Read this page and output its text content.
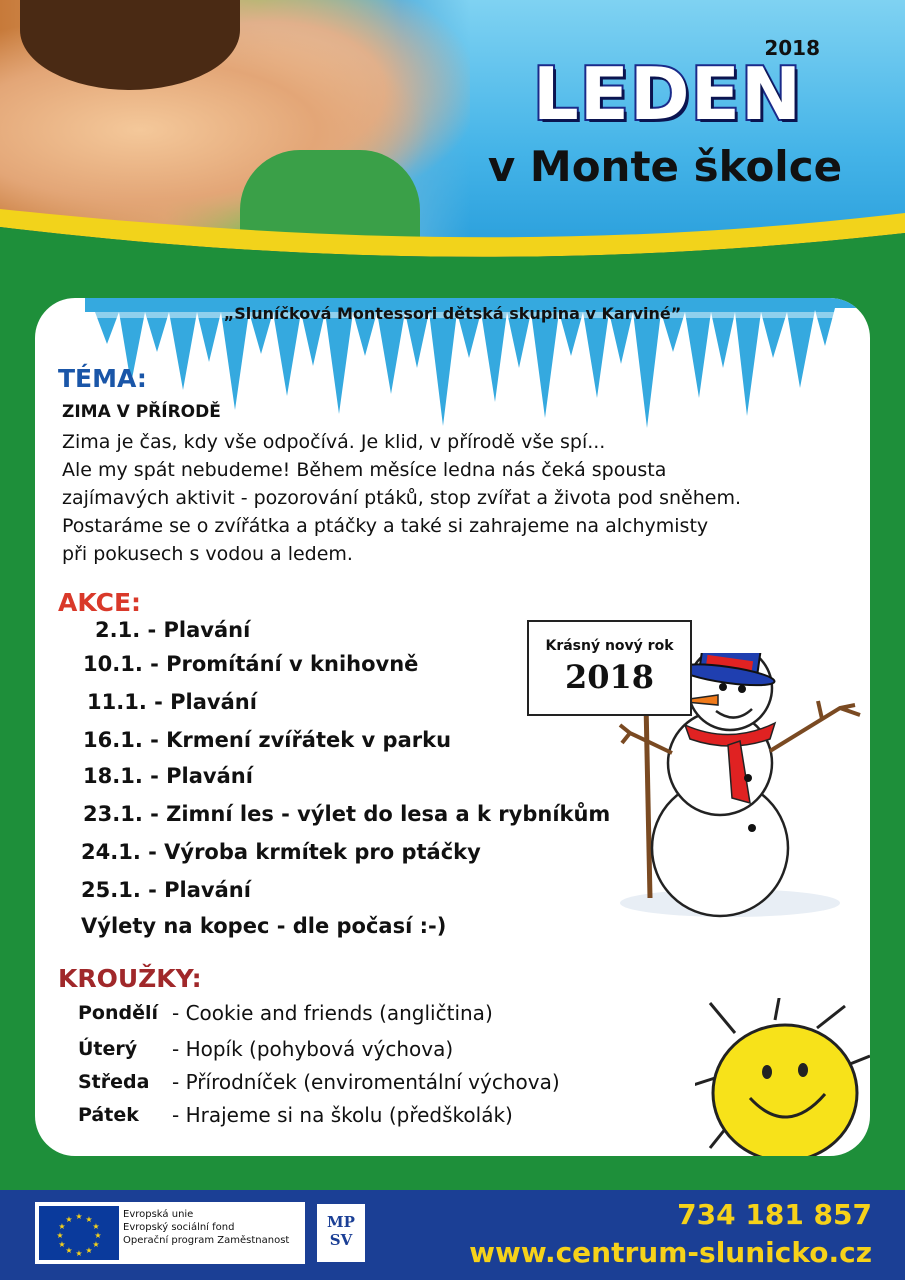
2018
LEDEN
v Monte školce
„Sluníčková Montessori dětská skupina v Karviné”
TÉMA:
ZIMA V PŘÍRODĚ
Zima je čas, kdy vše odpočívá. Je klid, v přírodě vše spí...
Ale my spát nebudeme! Během měsíce ledna nás čeká spousta
zajímavých aktivit - pozorování ptáků, stop zvířat a života pod sněhem.
Postaráme se o zvířátka a ptáčky a také si zahrajeme na alchymisty
při pokusech s vodou a ledem.
AKCE:
2.1. - Plavání
10.1. - Promítání v knihovně
11.1. - Plavání
16.1. - Krmení zvířátek v parku
18.1. - Plavání
23.1. - Zimní les - výlet do lesa a k rybníkům
24.1. - Výroba krmítek pro ptáčky
25.1. - Plavání
Výlety na kopec - dle počasí :-)
Krásný nový rok
2018
KROUŽKY:
Pondělí - Cookie and friends (angličtina)
Úterý - Hopík (pohybová výchova)
Středa - Přírodníček (enviromentální výchova)
Pátek - Hrajeme si na školu (předškolák)
★ ★
★
★
★
★
★
★
★
★
★
★	Evropská unie
Evropský sociální fond
Operační program Zaměstnanost
MP
SV
734 181 857
www.centrum-slunicko.cz
